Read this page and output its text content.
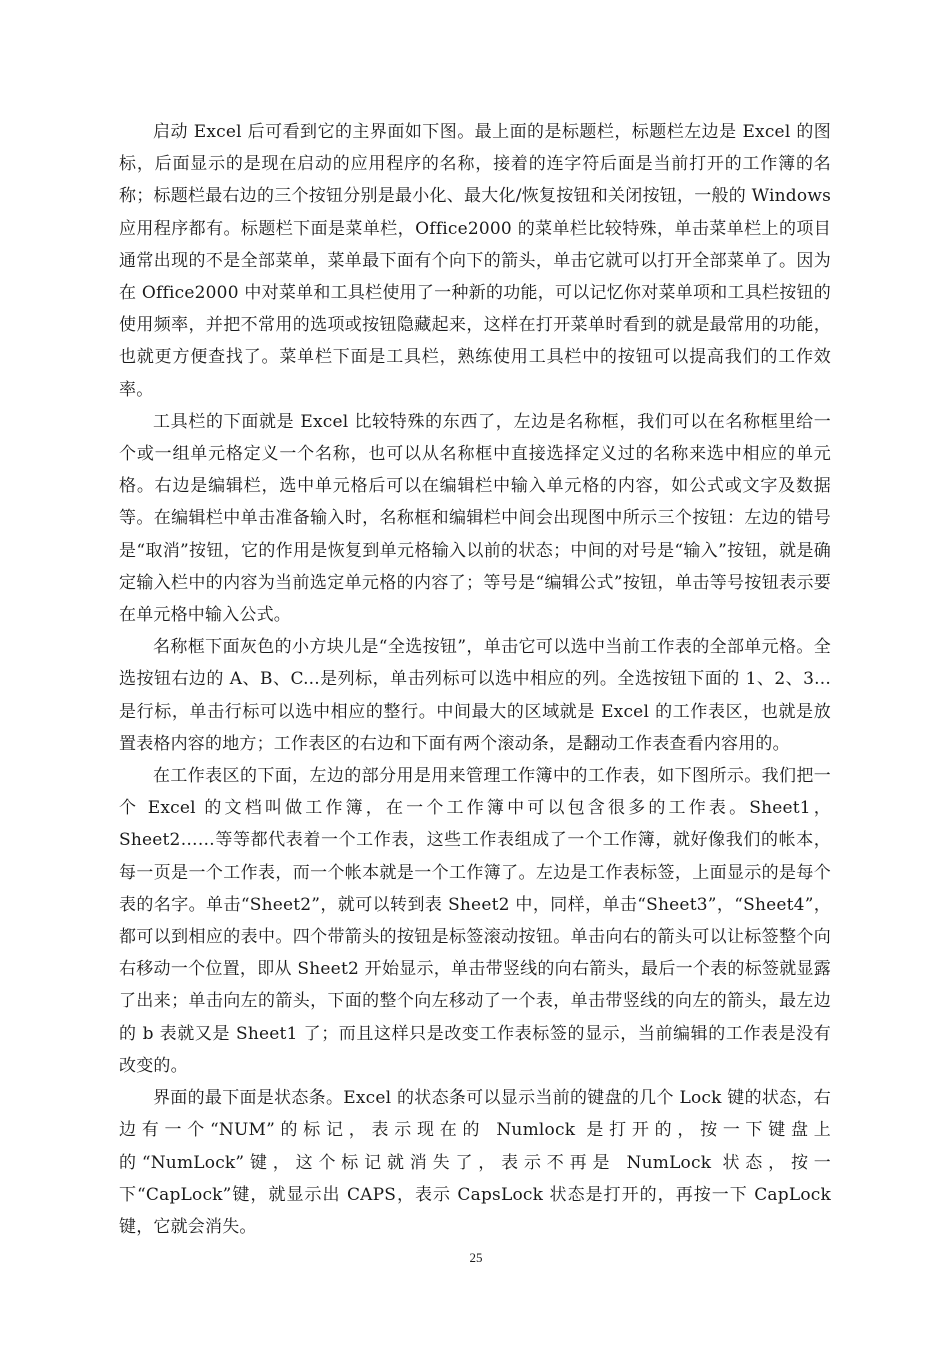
启动 Excel 后可看到它的主界面如下图。最上面的是标题栏，标题栏左边是 Excel 的图标，后面显示的是现在启动的应用程序的名称，接着的连字符后面是当前打开的工作簿的名称；标题栏最右边的三个按钮分别是最小化、最大化/恢复按钮和关闭按钮，一般的 Windows 应用程序都有。标题栏下面是菜单栏，Office2000 的菜单栏比较特殊，单击菜单栏上的项目通常出现的不是全部菜单，菜单最下面有个向下的箭头，单击它就可以打开全部菜单了。因为在 Office2000 中对菜单和工具栏使用了一种新的功能，可以记忆你对菜单项和工具栏按钮的使用频率，并把不常用的选项或按钮隐藏起来，这样在打开菜单时看到的就是最常用的功能，也就更方便查找了。菜单栏下面是工具栏，熟练使用工具栏中的按钮可以提高我们的工作效率。

工具栏的下面就是 Excel 比较特殊的东西了，左边是名称框，我们可以在名称框里给一个或一组单元格定义一个名称，也可以从名称框中直接选择定义过的名称来选中相应的单元格。右边是编辑栏，选中单元格后可以在编辑栏中输入单元格的内容，如公式或文字及数据等。在编辑栏中单击准备输入时，名称框和编辑栏中间会出现图中所示三个按钮：左边的错号是“取消”按钮，它的作用是恢复到单元格输入以前的状态；中间的对号是“输入”按钮，就是确定输入栏中的内容为当前选定单元格的内容了；等号是“编辑公式”按钮，单击等号按钮表示要在单元格中输入公式。

名称框下面灰色的小方块儿是“全选按钮”，单击它可以选中当前工作表的全部单元格。全选按钮右边的 A、B、C...是列标，单击列标可以选中相应的列。全选按钮下面的 1、2、3...是行标，单击行标可以选中相应的整行。中间最大的区域就是 Excel 的工作表区，也就是放置表格内容的地方；工作表区的右边和下面有两个滚动条，是翻动工作表查看内容用的。

在工作表区的下面，左边的部分用是用来管理工作簿中的工作表，如下图所示。我们把一个 Excel 的文档叫做工作簿，在一个工作簿中可以包含很多的工作表。Sheet1，Sheet2……等等都代表着一个工作表，这些工作表组成了一个工作簿，就好像我们的帐本，每一页是一个工作表，而一个帐本就是一个工作簿了。左边是工作表标签，上面显示的是每个表的名字。单击“Sheet2”，就可以转到表 Sheet2 中，同样，单击“Sheet3”，“Sheet4”，都可以到相应的表中。四个带箭头的按钮是标签滚动按钮。单击向右的箭头可以让标签整个向右移动一个位置，即从 Sheet2 开始显示，单击带竖线的向右箭头，最后一个表的标签就显露了出来；单击向左的箭头，下面的整个向左移动了一个表，单击带竖线的向左的箭头，最左边的 b 表就又是 Sheet1 了；而且这样只是改变工作表标签的显示，当前编辑的工作表是没有改变的。

界面的最下面是状态条。Excel 的状态条可以显示当前的键盘的几个 Lock 键的状态，右边有一个“NUM”的标记，表示现在的 Numlock 是打开的，按一下键盘上的“NumLock”键，这个标记就消失了，表示不再是 NumLock 状态，按一下“CapLock”键，就显示出 CAPS，表示 CapsLock 状态是打开的，再按一下 CapLock 键，它就会消失。

25
